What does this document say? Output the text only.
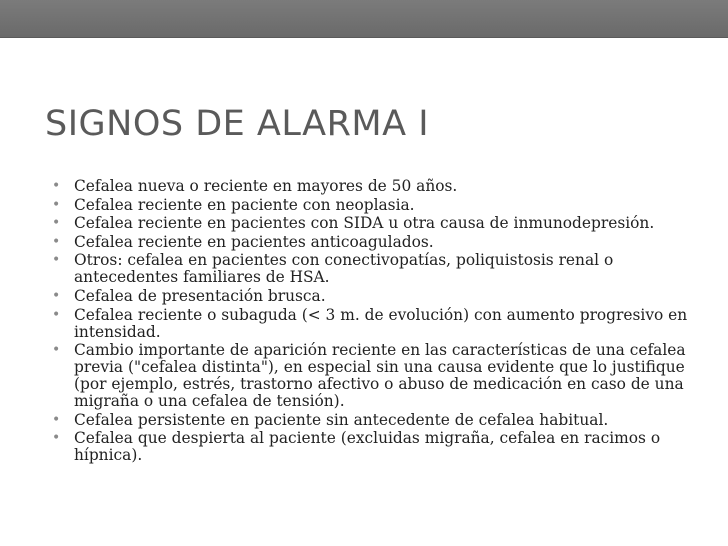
SIGNOS DE ALARMA I
• Cefalea nueva o reciente en mayores de 50 años.
• Cefalea reciente en paciente con neoplasia.
• Cefalea reciente en pacientes con SIDA u otra causa de inmunodepresión.
• Cefalea reciente en pacientes anticoagulados.
• Otros: cefalea en pacientes con conectivopatías, poliquistosis renal o antecedentes familiares de HSA.
• Cefalea de presentación brusca.
• Cefalea reciente o subaguda (< 3 m. de evolución) con aumento progresivo en intensidad.
• Cambio importante de aparición reciente en las características de una cefalea previa ("cefalea distinta"), en especial sin una causa evidente que lo justifique (por ejemplo, estrés, trastorno afectivo o abuso de medicación en caso de una migraña o una cefalea de tensión).
• Cefalea persistente en paciente sin antecedente de cefalea habitual.
• Cefalea que despierta al paciente (excluidas migraña, cefalea en racimos o hípnica).
